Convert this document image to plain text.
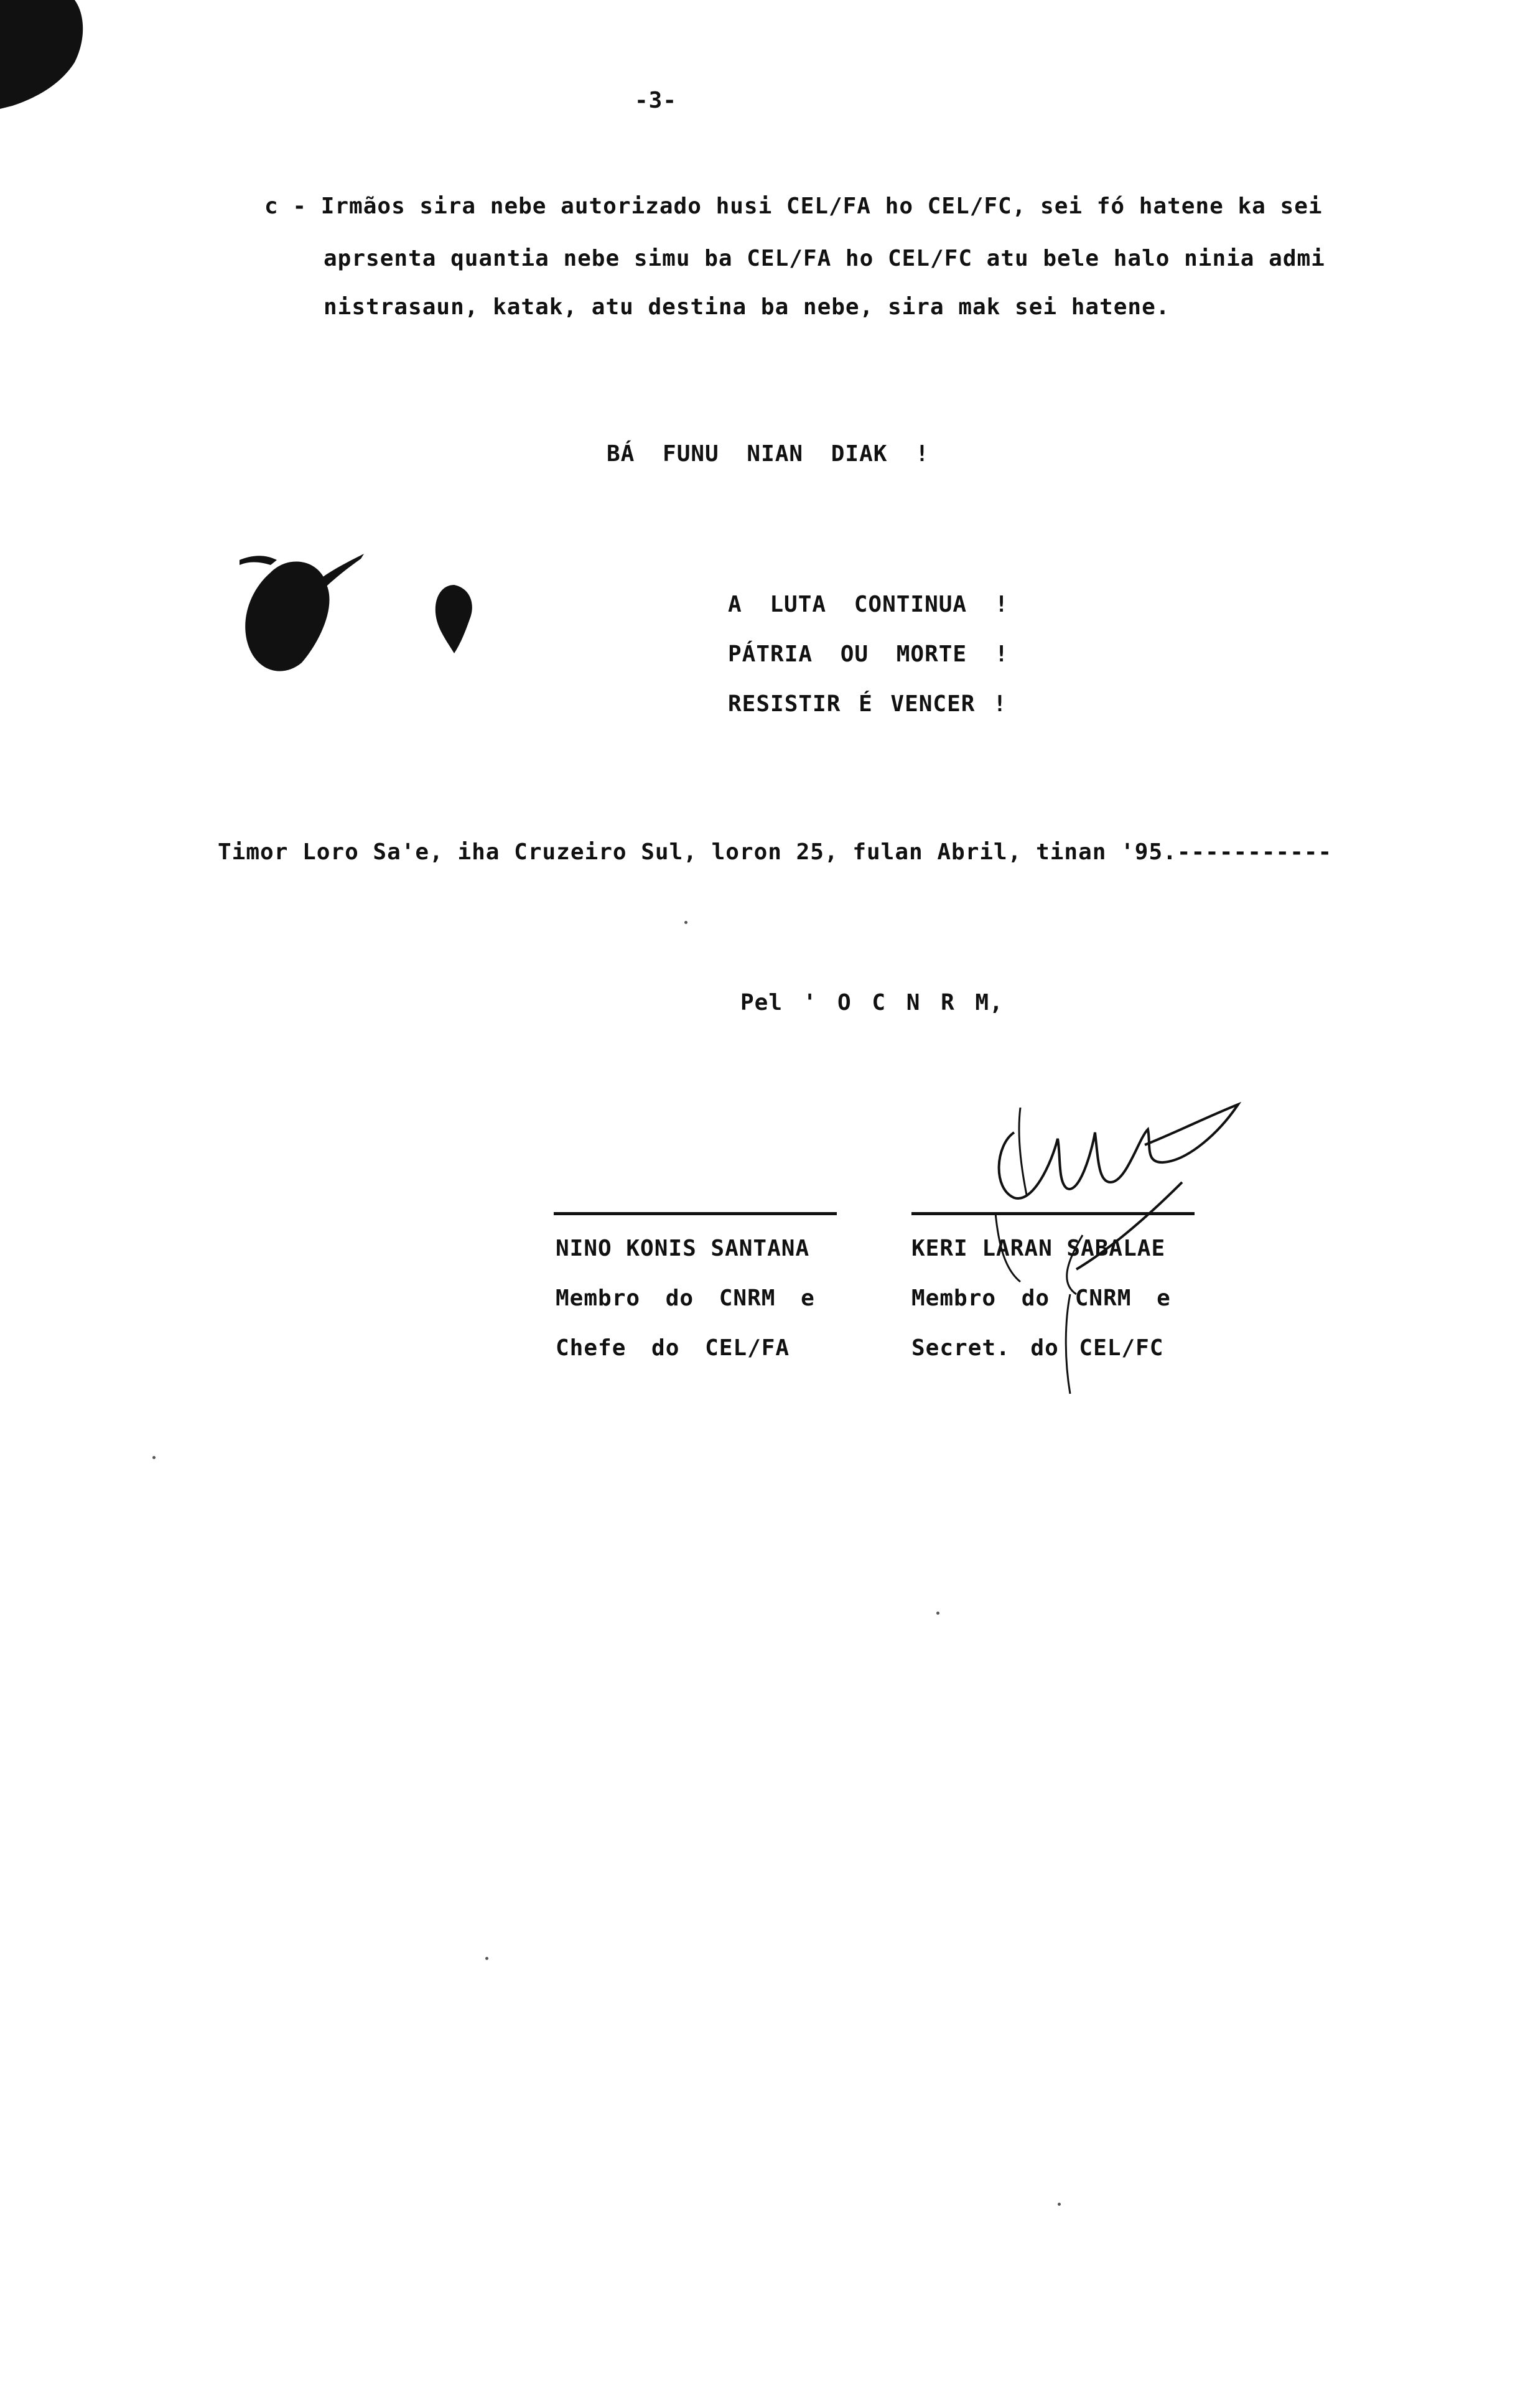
-3-
c - Irmãos sira nebe autorizado husi CEL/FA ho CEL/FC, sei fó hatene ka sei
aprsenta quantia nebe simu ba CEL/FA ho CEL/FC atu bele halo ninia admi
nistrasaun, katak, atu destina ba nebe, sira mak sei hatene.
BÁ FUNU NIAN DIAK !
A LUTA CONTINUA !
PÁTRIA OU MORTE !
RESISTIR É VENCER !
Timor Loro Sa'e, iha Cruzeiro Sul, loron 25, fulan Abril, tinan '95.-----------
Pel ' O C N R M,
NINO KONIS SANTANA
Membro do CNRM e
Chefe do CEL/FA
KERI LARAN SABALAE
Membro do CNRM e
Secret. do CEL/FC
